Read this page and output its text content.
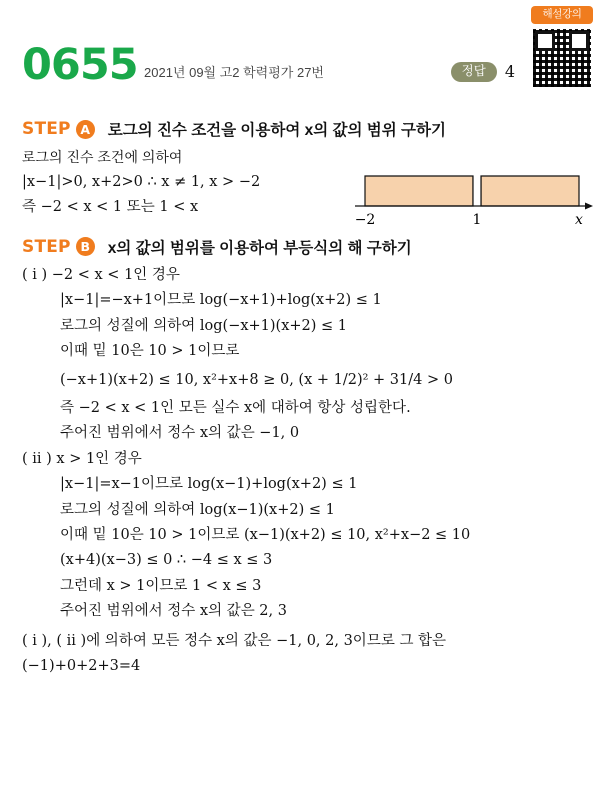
0655 2021년 09월 고2 학력평가 27번	정답	4
해설강의
−2	1	x
STEP A	로그의 진수 조건을 이용하여 x의 값의 범위 구하기
로그의 진수 조건에 의하여
|x−1|>0, x+2>0 ∴ x ≠ 1, x > −2
즉 −2 < x < 1 또는 1 < x
STEP B	x의 값의 범위를 이용하여 부등식의 해 구하기
( i ) −2 < x < 1인 경우
|x−1|=−x+1이므로 log(−x+1)+log(x+2) ≤ 1
로그의 성질에 의하여 log(−x+1)(x+2) ≤ 1
이때 밑 10은 10 > 1이므로
(−x+1)(x+2) ≤ 10, x²+x+8 ≥ 0, (x + 1/2)² + 31/4 > 0
즉 −2 < x < 1인 모든 실수 x에 대하여 항상 성립한다.
주어진 범위에서 정수 x의 값은 −1, 0
( ii ) x > 1인 경우
|x−1|=x−1이므로 log(x−1)+log(x+2) ≤ 1
로그의 성질에 의하여 log(x−1)(x+2) ≤ 1
이때 밑 10은 10 > 1이므로 (x−1)(x+2) ≤ 10, x²+x−2 ≤ 10
(x+4)(x−3) ≤ 0 ∴ −4 ≤ x ≤ 3
그런데 x > 1이므로 1 < x ≤ 3
주어진 범위에서 정수 x의 값은 2, 3
( i ), ( ii )에 의하여 모든 정수 x의 값은 −1, 0, 2, 3이므로 그 합은
(−1)+0+2+3=4
